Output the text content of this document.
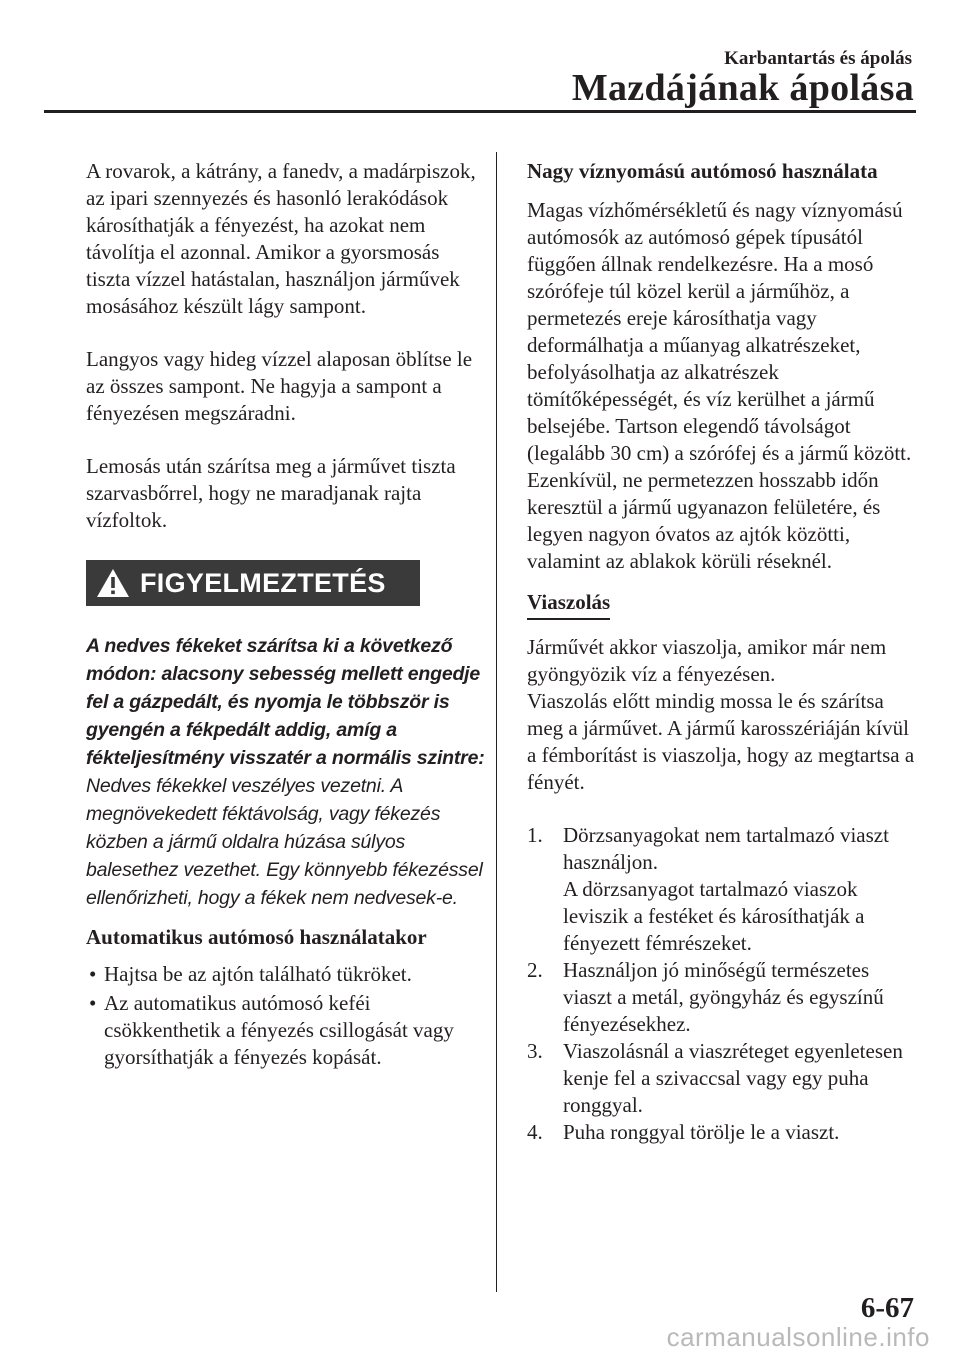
Karbantartás és ápolás
Mazdájának ápolása

A rovarok, a kátrány, a fanedv, a madárpiszok, az ipari szennyezés és hasonló lerakódások károsíthatják a fényezést, ha azokat nem távolítja el azonnal. Amikor a gyorsmosás tiszta vízzel hatástalan, használjon járművek mosásához készült lágy sampont.

Langyos vagy hideg vízzel alaposan öblítse le az összes sampont. Ne hagyja a sampont a fényezésen megszáradni.

Lemosás után szárítsa meg a járművet tiszta szarvasbőrrel, hogy ne maradjanak rajta vízfoltok.

FIGYELMEZTETÉS
A nedves fékeket szárítsa ki a következő módon: alacsony sebesség mellett engedje fel a gázpedált, és nyomja le többször is gyengén a fékpedált addig, amíg a fékteljesítmény visszatér a normális szintre: Nedves fékekkel veszélyes vezetni. A megnövekedett féktávolság, vagy fékezés közben a jármű oldalra húzása súlyos balesethez vezethet. Egy könnyebb fékezéssel ellenőrizheti, hogy a fékek nem nedvesek-e.
Automatikus autómosó használatakor
• Hajtsa be az ajtón található tükröket.
• Az automatikus autómosó keféi csökkenthetik a fényezés csillogását vagy gyorsíthatják a fényezés kopását.
Nagy víznyomású autómosó használata

Magas vízhőmérsékletű és nagy víznyomású autómosók az autómosó gépek típusától függően állnak rendelkezésre. Ha a mosó szórófeje túl közel kerül a járműhöz, a permetezés ereje károsíthatja vagy deformálhatja a műanyag alkatrészeket, befolyásolhatja az alkatrészek tömítőképességét, és víz kerülhet a jármű belsejébe. Tartson elegendő távolságot (legalább 30 cm) a szórófej és a jármű között. Ezenkívül, ne permetezzen hosszabb időn keresztül a jármű ugyanazon felületére, és legyen nagyon óvatos az ajtók közötti, valamint az ablakok körüli réseknél.

Viaszolás

Járművét akkor viaszolja, amikor már nem gyöngyözik víz a fényezésen.

Viaszolás előtt mindig mossa le és szárítsa meg a járművet. A jármű karosszériáján kívül a fémborítást is viaszolja, hogy az megtartsa a fényét.

1. Dörzsanyagokat nem tartalmazó viaszt használjon.
A dörzsanyagot tartalmazó viaszok leviszik a festéket és károsíthatják a fényezett fémrészeket.
2. Használjon jó minőségű természetes viaszt a metál, gyöngyház és egyszínű fényezésekhez.
3. Viaszolásnál a viaszréteget egyenletesen kenje fel a szivaccsal vagy egy puha ronggyal.
4. Puha ronggyal törölje le a viaszt.
6-67
carmanualsonline.info
